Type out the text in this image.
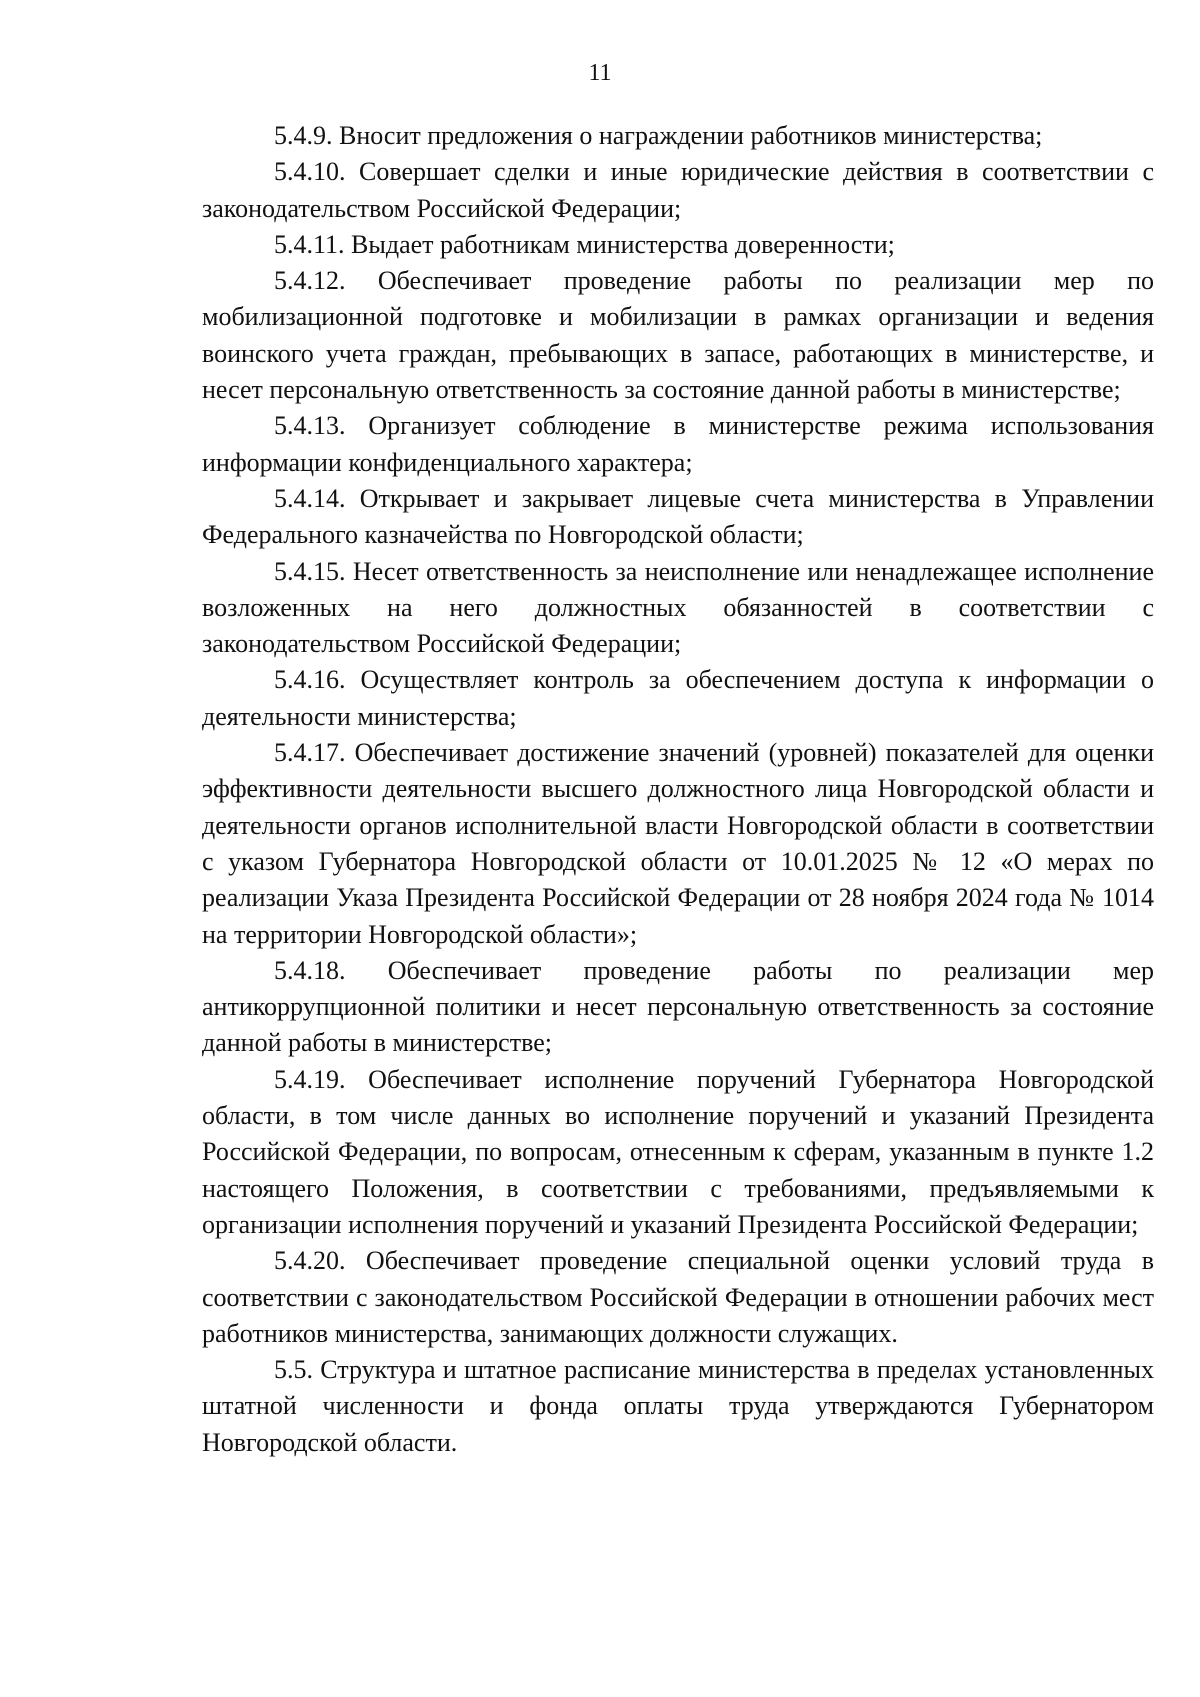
11

5.4.9. Вносит предложения о награждении работников министерства;

5.4.10. Совершает сделки и иные юридические действия в соответствии с законодательством Российской Федерации;

5.4.11. Выдает работникам министерства доверенности;

5.4.12. Обеспечивает проведение работы по реализации мер по мобилизационной подготовке и мобилизации в рамках организации и ведения воинского учета граждан, пребывающих в запасе, работающих в министерстве, и несет персональную ответственность за состояние данной работы в министерстве;

5.4.13. Организует соблюдение в министерстве режима использования информации конфиденциального характера;

5.4.14. Открывает и закрывает лицевые счета министерства в Управлении Федерального казначейства по Новгородской области;

5.4.15. Несет ответственность за неисполнение или ненадлежащее исполнение возложенных на него должностных обязанностей в соответствии с законодательством Российской Федерации;

5.4.16. Осуществляет контроль за обеспечением доступа к информации о деятельности министерства;

5.4.17. Обеспечивает достижение значений (уровней) показателей для оценки эффективности деятельности высшего должностного лица Новгородской области и деятельности органов исполнительной власти Новгородской области в соответствии с указом Губернатора Новгородской области от 10.01.2025 № 12 «О мерах по реализации Указа Президента Российской Федерации от 28 ноября 2024 года № 1014 на территории Новгородской области»;

5.4.18. Обеспечивает проведение работы по реализации мер антикоррупционной политики и несет персональную ответственность за состояние данной работы в министерстве;

5.4.19. Обеспечивает исполнение поручений Губернатора Новгородской области, в том числе данных во исполнение поручений и указаний Президента Российской Федерации, по вопросам, отнесенным к сферам, указанным в пункте 1.2 настоящего Положения, в соответствии с требованиями, предъявляемыми к организации исполнения поручений и указаний Президента Российской Федерации;

5.4.20. Обеспечивает проведение специальной оценки условий труда в соответствии с законодательством Российской Федерации в отношении рабочих мест работников министерства, занимающих должности служащих.

5.5. Структура и штатное расписание министерства в пределах установленных штатной численности и фонда оплаты труда утверждаются Губернатором Новгородской области.
